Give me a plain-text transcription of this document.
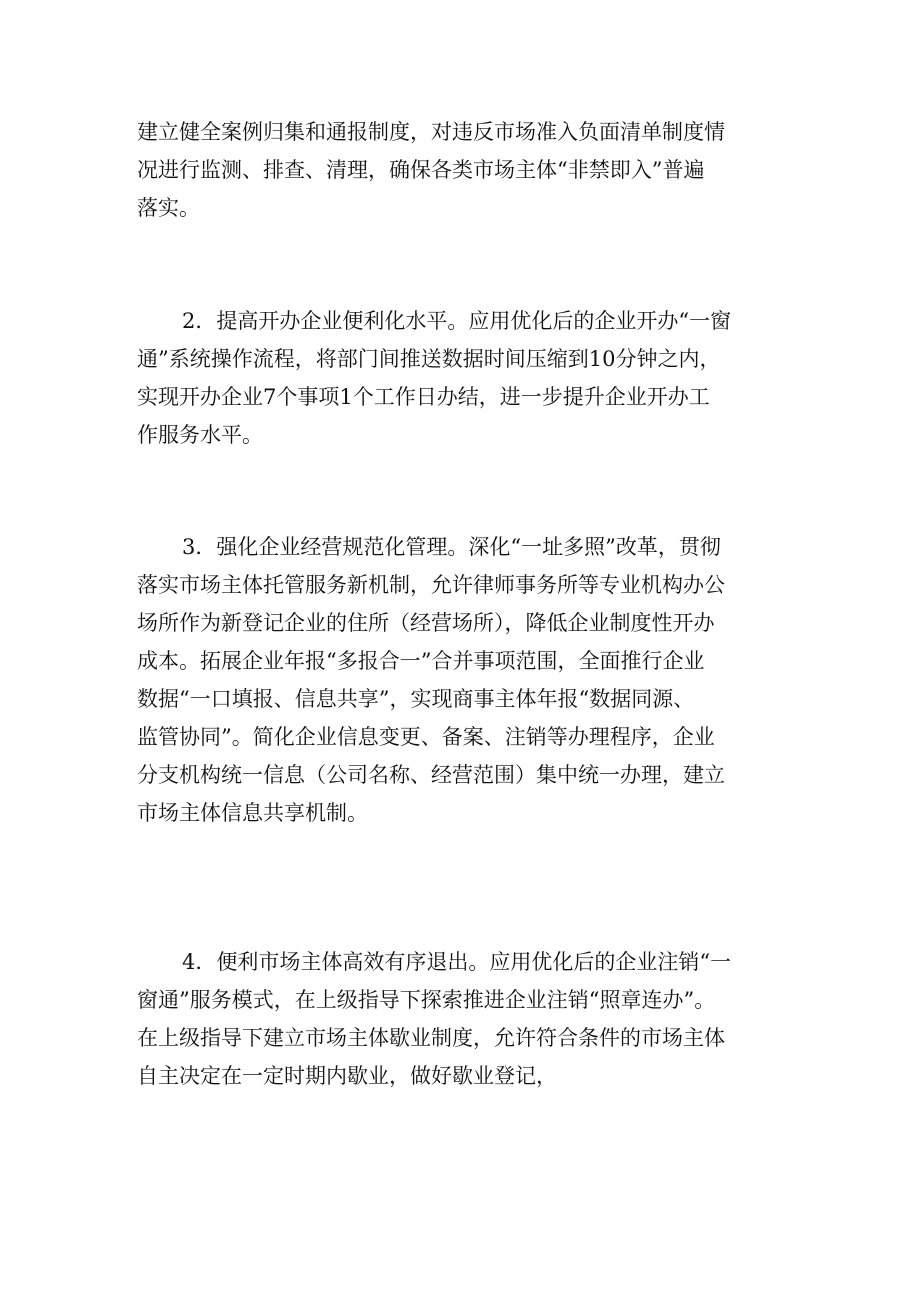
建立健全案例归集和通报制度，对违反市场准入负面清单制度情
况进行监测、排查、清理，确保各类市场主体“非禁即入”普遍
落实。
2．提高开办企业便利化水平。应用优化后的企业开办“一窗
通”系统操作流程，将部门间推送数据时间压缩到10分钟之内，
实现开办企业7个事项1个工作日办结，进一步提升企业开办工
作服务水平。
3．强化企业经营规范化管理。深化“一址多照”改革，贯彻
落实市场主体托管服务新机制，允许律师事务所等专业机构办公
场所作为新登记企业的住所（经营场所），降低企业制度性开办
成本。拓展企业年报“多报合一”合并事项范围，全面推行企业
数据“一口填报、信息共享”，实现商事主体年报“数据同源、
监管协同”。简化企业信息变更、备案、注销等办理程序，企业
分支机构统一信息（公司名称、经营范围）集中统一办理，建立
市场主体信息共享机制。
4．便利市场主体高效有序退出。应用优化后的企业注销“一
窗通”服务模式，在上级指导下探索推进企业注销“照章连办”。
在上级指导下建立市场主体歇业制度，允许符合条件的市场主体
自主决定在一定时期内歇业，做好歇业登记，
